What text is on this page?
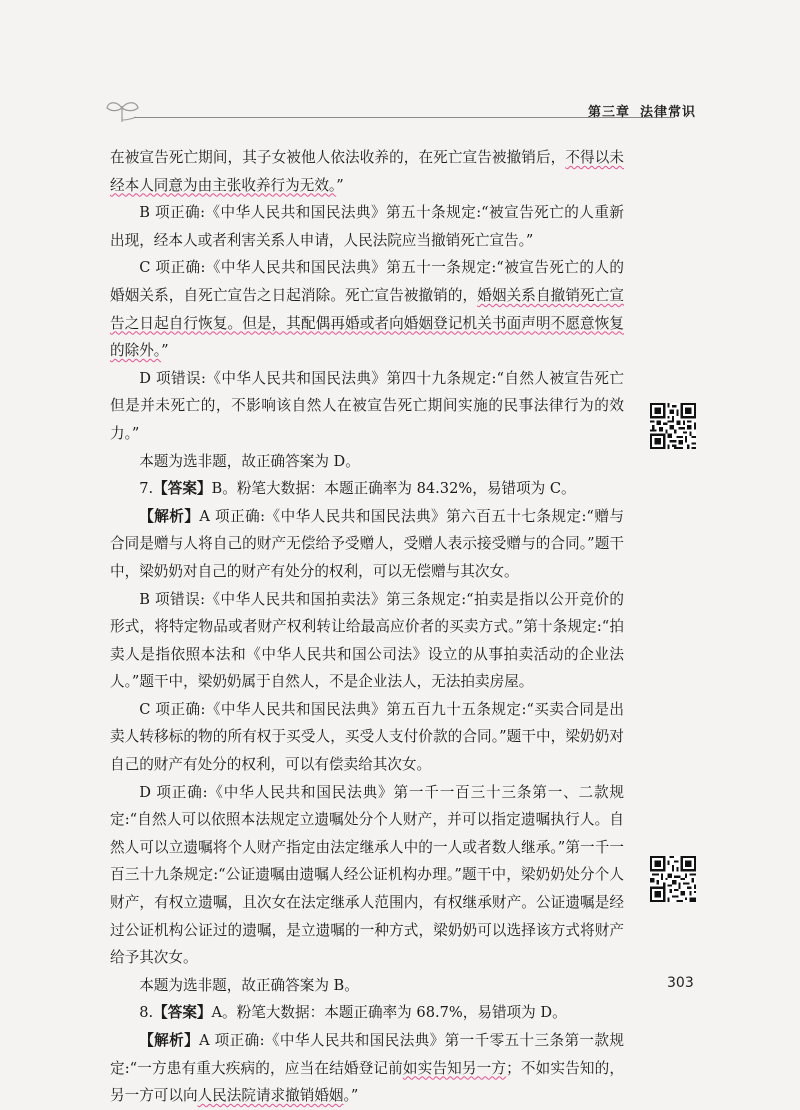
第三章 法律常识

在被宣告死亡期间，其子女被他人依法收养的，在死亡宣告被撤销后，不得以未经本人同意为由主张收养行为无效。”

B 项正确:《中华人民共和国民法典》第五十条规定:“被宣告死亡的人重新出现，经本人或者利害关系人申请，人民法院应当撤销死亡宣告。”

C 项正确:《中华人民共和国民法典》第五十一条规定:“被宣告死亡的人的婚姻关系，自死亡宣告之日起消除。死亡宣告被撤销的，婚姻关系自撤销死亡宣告之日起自行恢复。但是，其配偶再婚或者向婚姻登记机关书面声明不愿意恢复的除外。”

D 项错误:《中华人民共和国民法典》第四十九条规定:“自然人被宣告死亡但是并未死亡的，不影响该自然人在被宣告死亡期间实施的民事法律行为的效力。”

本题为选非题，故正确答案为 D。

7.【答案】B。粉笔大数据：本题正确率为 84.32%，易错项为 C。

【解析】A 项正确:《中华人民共和国民法典》第六百五十七条规定:“赠与合同是赠与人将自己的财产无偿给予受赠人，受赠人表示接受赠与的合同。”题干中，梁奶奶对自己的财产有处分的权利，可以无偿赠与其次女。

B 项错误:《中华人民共和国拍卖法》第三条规定:“拍卖是指以公开竞价的形式，将特定物品或者财产权利转让给最高应价者的买卖方式。”第十条规定:“拍卖人是指依照本法和《中华人民共和国公司法》设立的从事拍卖活动的企业法人。”题干中，梁奶奶属于自然人，不是企业法人，无法拍卖房屋。

C 项正确:《中华人民共和国民法典》第五百九十五条规定:“买卖合同是出卖人转移标的物的所有权于买受人，买受人支付价款的合同。”题干中，梁奶奶对自己的财产有处分的权利，可以有偿卖给其次女。

D 项正确:《中华人民共和国民法典》第一千一百三十三条第一、二款规定:“自然人可以依照本法规定立遗嘱处分个人财产，并可以指定遗嘱执行人。自然人可以立遗嘱将个人财产指定由法定继承人中的一人或者数人继承。”第一千一百三十九条规定:“公证遗嘱由遗嘱人经公证机构办理。”题干中，梁奶奶处分个人财产，有权立遗嘱，且次女在法定继承人范围内，有权继承财产。公证遗嘱是经过公证机构公证过的遗嘱，是立遗嘱的一种方式，梁奶奶可以选择该方式将财产给予其次女。

本题为选非题，故正确答案为 B。

8.【答案】A。粉笔大数据：本题正确率为 68.7%，易错项为 D。

【解析】A 项正确:《中华人民共和国民法典》第一千零五十三条第一款规定:“一方患有重大疾病的，应当在结婚登记前如实告知另一方；不如实告知的，另一方可以向人民法院请求撤销婚姻。”

303
